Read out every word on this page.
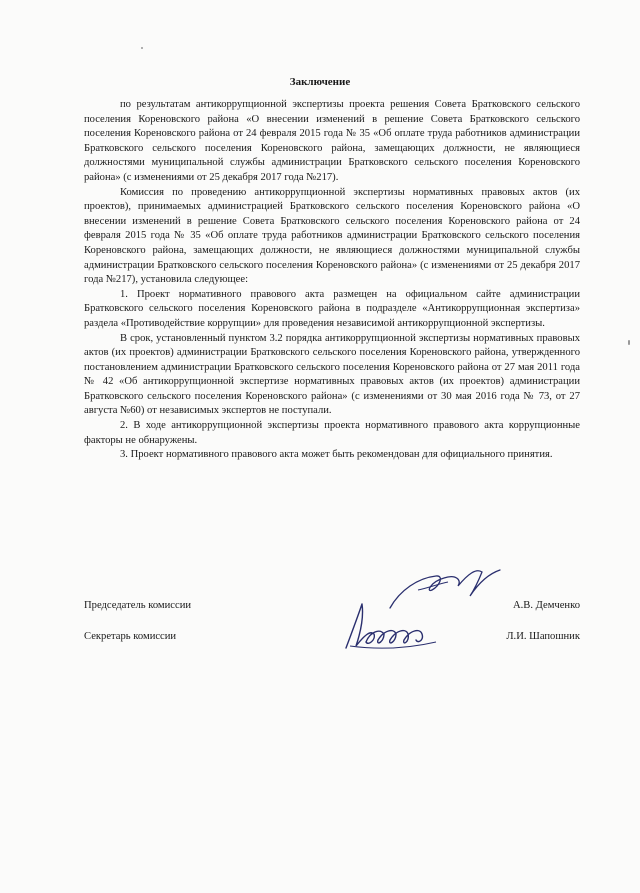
Заключение

по результатам антикоррупционной экспертизы проекта решения Совета Братковского сельского поселения Кореновского района «О внесении изменений в решение Совета Братковского сельского поселения Кореновского района от 24 февраля 2015 года № 35 «Об оплате труда работников администрации Братковского сельского поселения Кореновского района, замещающих должности, не являющиеся должностями муниципальной службы администрации Братковского сельского поселения Кореновского района» (с изменениями от 25 декабря 2017 года №217).

Комиссия по проведению антикоррупционной экспертизы нормативных правовых актов (их проектов), принимаемых администрацией Братковского сельского поселения Кореновского района «О внесении изменений в решение Совета Братковского сельского поселения Кореновского района от 24 февраля 2015 года № 35 «Об оплате труда работников администрации Братковского сельского поселения Кореновского района, замещающих должности, не являющиеся должностями муниципальной службы администрации Братковского сельского поселения Кореновского района» (с изменениями от 25 декабря 2017 года №217), установила следующее:

1. Проект нормативного правового акта размещен на официальном сайте администрации Братковского сельского поселения Кореновского района в подразделе «Антикоррупционная экспертиза» раздела «Противодействие коррупции» для проведения независимой антикоррупционной экспертизы.

В срок, установленный пунктом 3.2 порядка антикоррупционной экспертизы нормативных правовых актов (их проектов) администрации Братковского сельского поселения Кореновского района, утвержденного постановлением администрации Братковского сельского поселения Кореновского района от 27 мая 2011 года № 42 «Об антикоррупционной экспертизе нормативных правовых актов (их проектов) администрации Братковского сельского поселения Кореновского района» (с изменениями от 30 мая 2016 года № 73, от 27 августа №60) от независимых экспертов не поступали.

2. В ходе антикоррупционной экспертизы проекта нормативного правового акта коррупционные факторы не обнаружены.

3. Проект нормативного правового акта может быть рекомендован для официального принятия.

Председатель комиссии	А.В. Демченко
Секретарь комиссии	Л.И. Шапошник
